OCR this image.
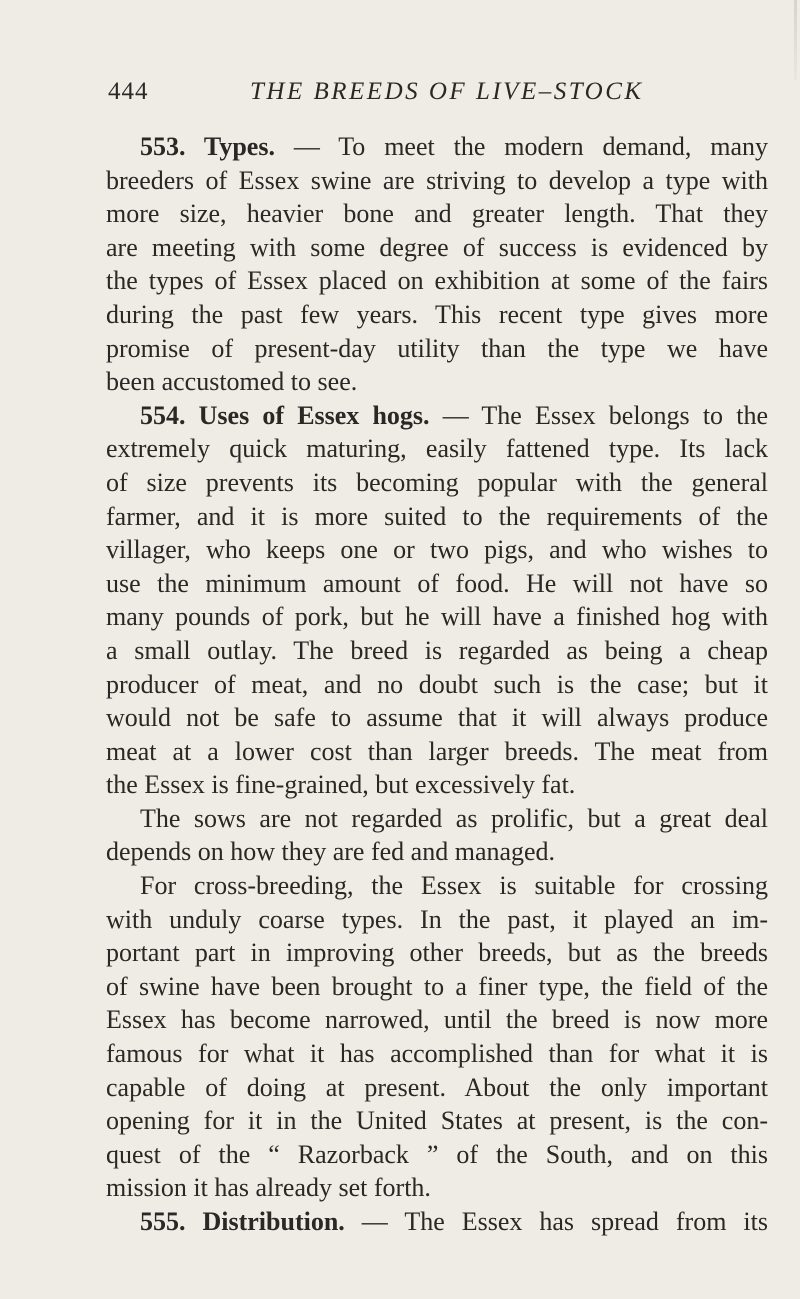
444	THE BREEDS OF LIVE–STOCK
553. Types. — To meet the modern demand, many
breeders of Essex swine are striving to develop a type with
more size, heavier bone and greater length. That they
are meeting with some degree of success is evidenced by
the types of Essex placed on exhibition at some of the fairs
during the past few years. This recent type gives more
promise of present-day utility than the type we have
been accustomed to see.
554. Uses of Essex hogs. — The Essex belongs to the
extremely quick maturing, easily fattened type. Its lack
of size prevents its becoming popular with the general
farmer, and it is more suited to the requirements of the
villager, who keeps one or two pigs, and who wishes to
use the minimum amount of food. He will not have so
many pounds of pork, but he will have a finished hog with
a small outlay. The breed is regarded as being a cheap
producer of meat, and no doubt such is the case; but it
would not be safe to assume that it will always produce
meat at a lower cost than larger breeds. The meat from
the Essex is fine-grained, but excessively fat.
The sows are not regarded as prolific, but a great deal
depends on how they are fed and managed.
For cross-breeding, the Essex is suitable for crossing
with unduly coarse types. In the past, it played an im-
portant part in improving other breeds, but as the breeds
of swine have been brought to a finer type, the field of the
Essex has become narrowed, until the breed is now more
famous for what it has accomplished than for what it is
capable of doing at present. About the only important
opening for it in the United States at present, is the con-
quest of the “ Razorback ” of the South, and on this
mission it has already set forth.
555. Distribution. — The Essex has spread from its
